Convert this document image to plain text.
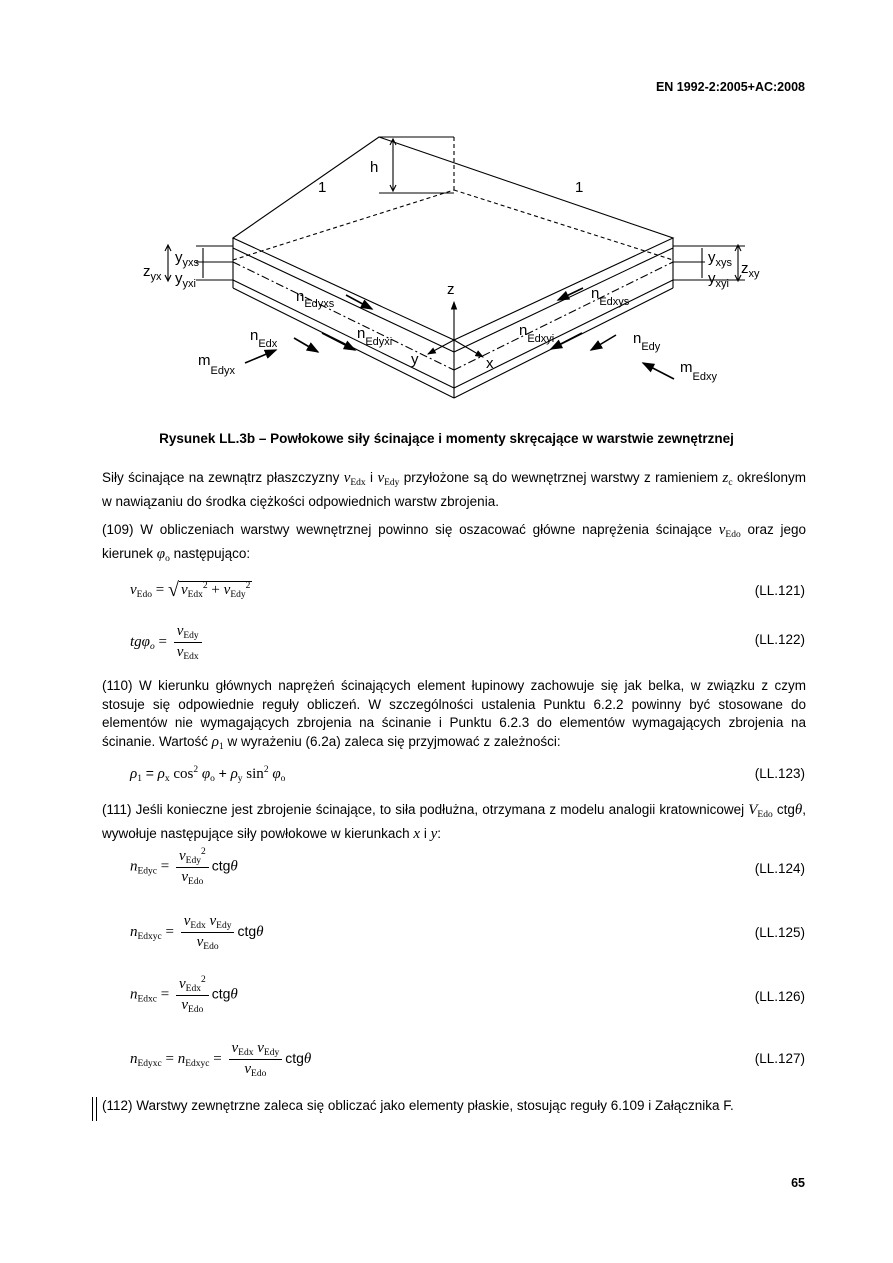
EN 1992-2:2005+AC:2008
h
1	1
z
x
y
$z_{yx}$
$y_{yxs}$
$y_{yxi}$
$y_{xys}$
$y_{xyi}$
$z_{xy}$
$n_{Edyxs}$
$n_{Edx}$
$n_{Edyxi}$
$n_{Edxyi}$
$n_{Edxys}$
$n_{Edy}$
$m_{Edyx}$	$m_{Edxy}$
Rysunek LL.3b – Powłokowe siły ścinające i momenty skręcające w warstwie zewnętrznej
Siły ścinające na zewnątrz płaszczyzny $v_{Edx}$ i $v_{Edy}$ przyłożone są do wewnętrznej warstwy z ramieniem $z_c$ określonym w nawiązaniu do środka ciężkości odpowiednich warstw zbrojenia.
(109) W obliczeniach warstwy wewnętrznej powinno się oszacować główne naprężenia ścinające $v_{Edo}$ oraz jego kierunek $\varphi_o$ następująco:
$v_{Edo}$ = √ $v_{Edx}^2 + v_{Edy}^2$	(LL.121)
$tg\varphi_o = \frac{v_{Edy}}{v_{Edx}}$	(LL.122)
(110) W kierunku głównych naprężeń ścinających element łupinowy zachowuje się jak belka, w związku z czym stosuje się odpowiednie reguły obliczeń. W szczególności ustalenia Punktu 6.2.2 powinny być stosowane do elementów nie wymagających zbrojenia na ścinanie i Punktu 6.2.3 do elementów wymagających zbrojenia na ścinanie. Wartość $\rho_1$ w wyrażeniu (6.2a) zaleca się przyjmować z zależności:
$\rho_1 = \rho_x$ $\cos^2 \varphi_o + \rho_y$ $\sin^2 \varphi_o$	(LL.123)
(111) Jeśli konieczne jest zbrojenie ścinające, to siła podłużna, otrzymana z modelu analogii kratownicowej $V_{Edo}$ ctgθ, wywołuje następujące siły powłokowe w kierunkach x i y:
$n_{Edyc} = \frac{v_{Edy}^2}{v_{Edo}}$ ctgθ	(LL.124)
$n_{Edxyc} = \frac{v_{Edx} v_{Edy}}{v_{Edo}}$ ctgθ	(LL.125)
$n_{Edxc} = \frac{v_{Edx}^2}{v_{Edo}}$ ctgθ	(LL.126)
$n_{Edyxc} = n_{Edxyc} = \frac{v_{Edx} v_{Edy}}{v_{Edo}}$ ctgθ	(LL.127)
(112) Warstwy zewnętrzne zaleca się obliczać jako elementy płaskie, stosując reguły 6.109 i Załącznika F.
65
